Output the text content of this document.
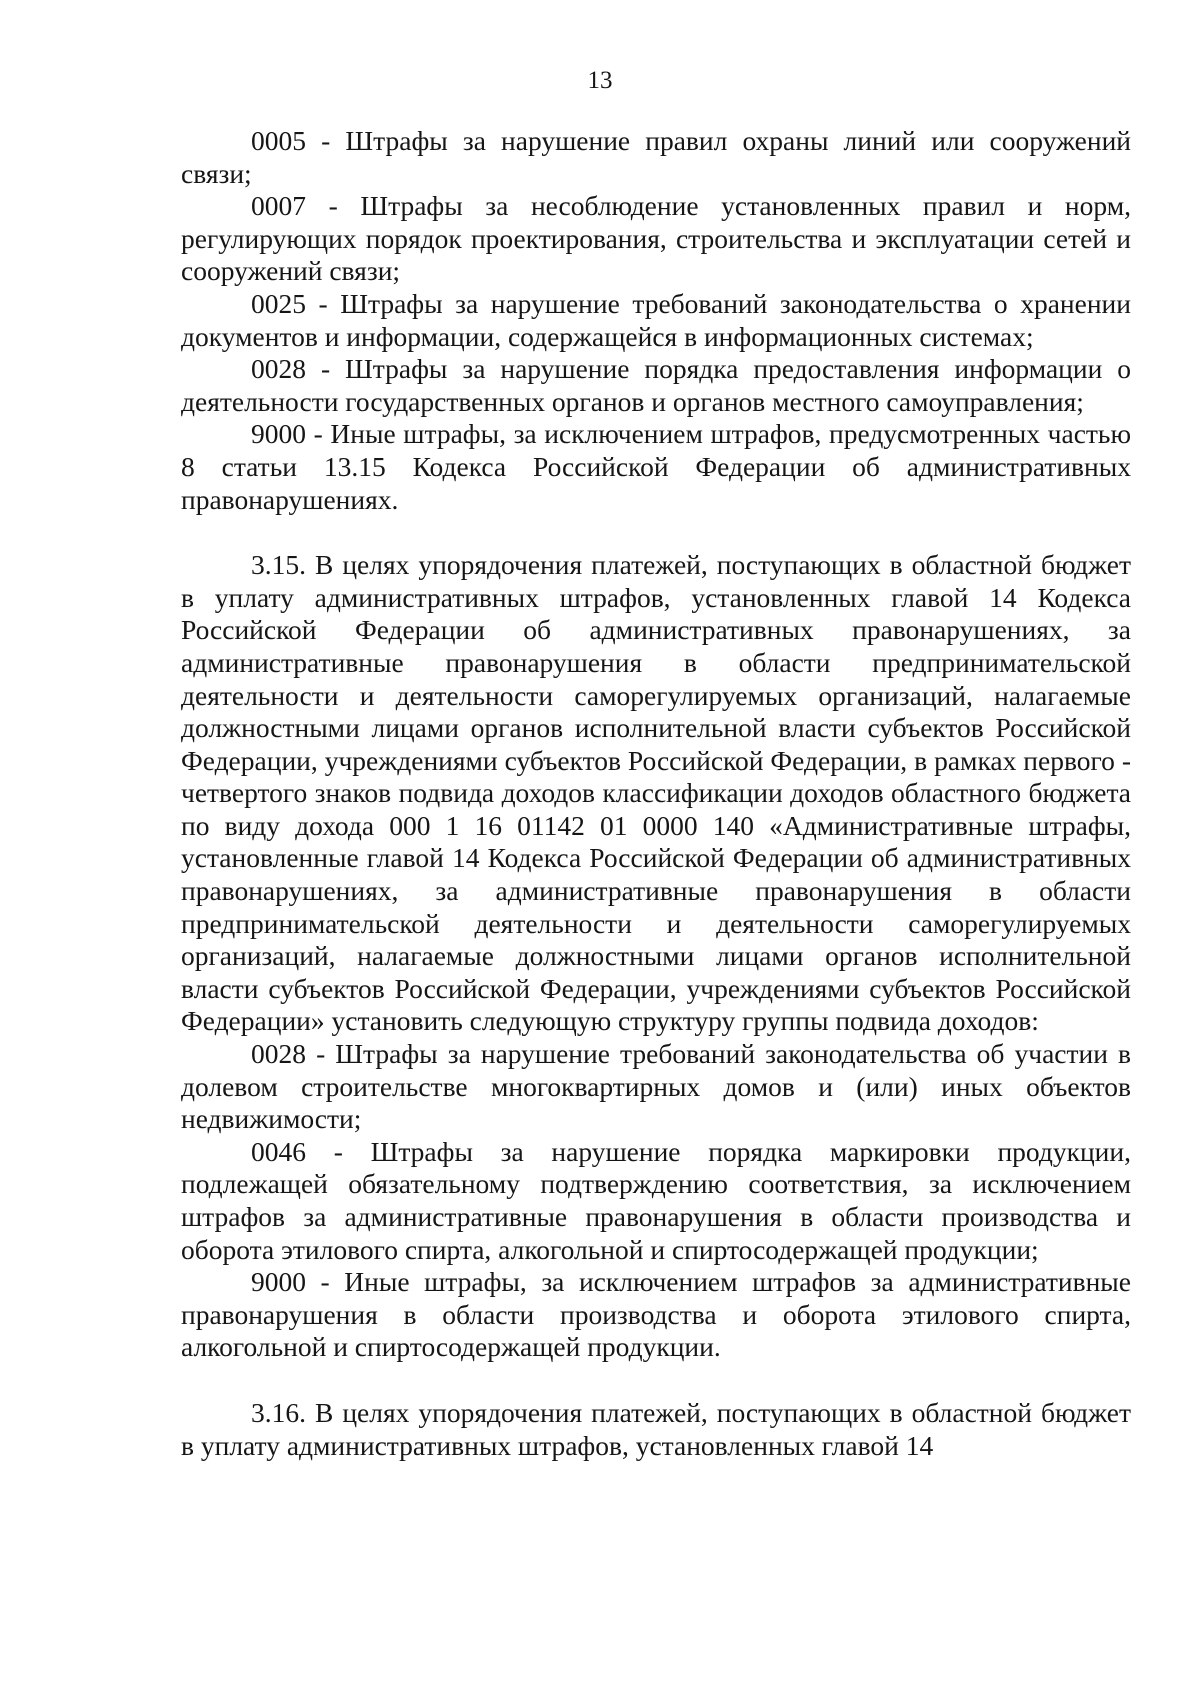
13

0005 - Штрафы за нарушение правил охраны линий или сооружений связи;

0007 - Штрафы за несоблюдение установленных правил и норм, регулирующих порядок проектирования, строительства и эксплуатации сетей и сооружений связи;

0025 - Штрафы за нарушение требований законодательства о хранении документов и информации, содержащейся в информационных системах;

0028 - Штрафы за нарушение порядка предоставления информации о деятельности государственных органов и органов местного самоуправления;

9000 - Иные штрафы, за исключением штрафов, предусмотренных частью 8 статьи 13.15 Кодекса Российской Федерации об административных правонарушениях.

3.15. В целях упорядочения платежей, поступающих в областной бюджет в уплату административных штрафов, установленных главой 14 Кодекса Российской Федерации об административных правонарушениях, за административные правонарушения в области предпринимательской деятельности и деятельности саморегулируемых организаций, налагаемые должностными лицами органов исполнительной власти субъектов Российской Федерации, учреждениями субъектов Российской Федерации, в рамках первого - четвертого знаков подвида доходов классификации доходов областного бюджета по виду дохода 000 1 16 01142 01 0000 140 «Административные штрафы, установленные главой 14 Кодекса Российской Федерации об административных правонарушениях, за административные правонарушения в области предпринимательской деятельности и деятельности саморегулируемых организаций, налагаемые должностными лицами органов исполнительной власти субъектов Российской Федерации, учреждениями субъектов Российской Федерации» установить следующую структуру группы подвида доходов:

0028 - Штрафы за нарушение требований законодательства об участии в долевом строительстве многоквартирных домов и (или) иных объектов недвижимости;

0046 - Штрафы за нарушение порядка маркировки продукции, подлежащей обязательному подтверждению соответствия, за исключением штрафов за административные правонарушения в области производства и оборота этилового спирта, алкогольной и спиртосодержащей продукции;

9000 - Иные штрафы, за исключением штрафов за административные правонарушения в области производства и оборота этилового спирта, алкогольной и спиртосодержащей продукции.

3.16. В целях упорядочения платежей, поступающих в областной бюджет в уплату административных штрафов, установленных главой 14
